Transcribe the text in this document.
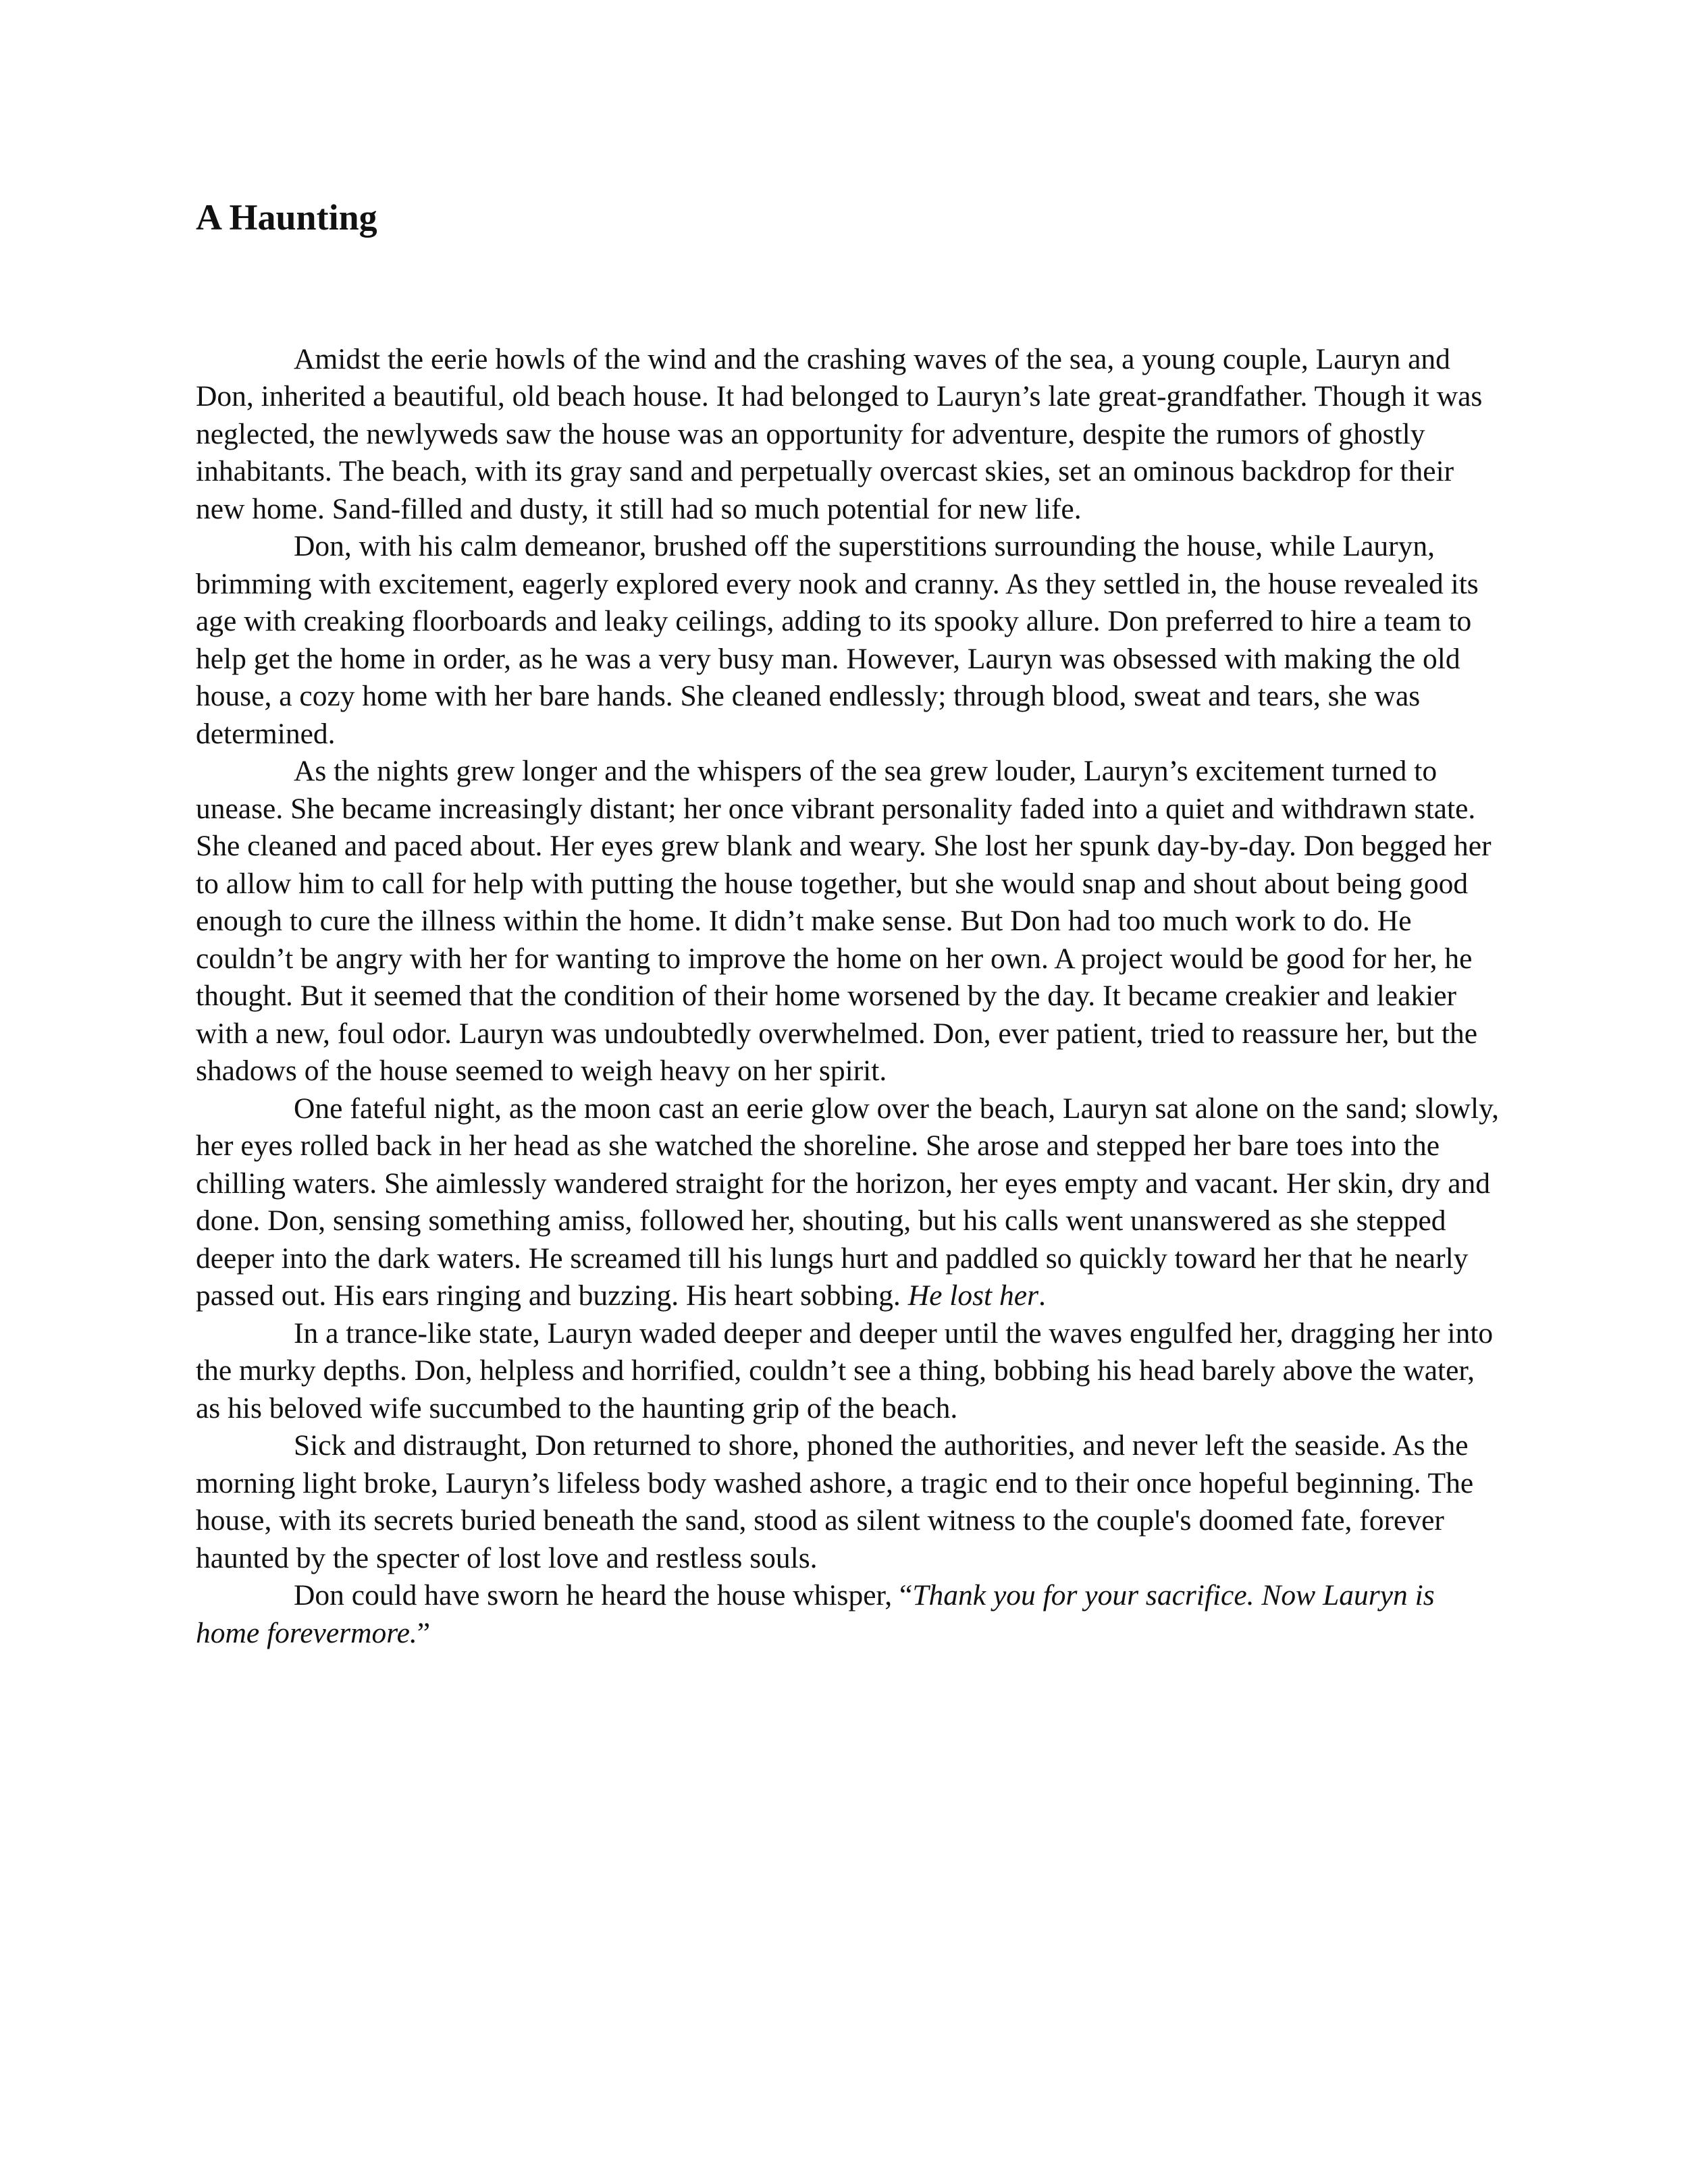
A Haunting

Amidst the eerie howls of the wind and the crashing waves of the sea, a young couple, Lauryn and Don, inherited a beautiful, old beach house. It had belonged to Lauryn’s late great-grandfather. Though it was neglected, the newlyweds saw the house was an opportunity for adventure, despite the rumors of ghostly inhabitants. The beach, with its gray sand and perpetually overcast skies, set an ominous backdrop for their new home. Sand-filled and dusty, it still had so much potential for new life.

Don, with his calm demeanor, brushed off the superstitions surrounding the house, while Lauryn, brimming with excitement, eagerly explored every nook and cranny. As they settled in, the house revealed its age with creaking floorboards and leaky ceilings, adding to its spooky allure. Don preferred to hire a team to help get the home in order, as he was a very busy man. However, Lauryn was obsessed with making the old house, a cozy home with her bare hands. She cleaned endlessly; through blood, sweat and tears, she was determined.

As the nights grew longer and the whispers of the sea grew louder, Lauryn’s excitement turned to unease. She became increasingly distant; her once vibrant personality faded into a quiet and withdrawn state. She cleaned and paced about. Her eyes grew blank and weary. She lost her spunk day-by-day. Don begged her to allow him to call for help with putting the house together, but she would snap and shout about being good enough to cure the illness within the home. It didn’t make sense. But Don had too much work to do. He couldn’t be angry with her for wanting to improve the home on her own. A project would be good for her, he thought. But it seemed that the condition of their home worsened by the day. It became creakier and leakier with a new, foul odor. Lauryn was undoubtedly overwhelmed. Don, ever patient, tried to reassure her, but the shadows of the house seemed to weigh heavy on her spirit.

One fateful night, as the moon cast an eerie glow over the beach, Lauryn sat alone on the sand; slowly, her eyes rolled back in her head as she watched the shoreline. She arose and stepped her bare toes into the chilling waters. She aimlessly wandered straight for the horizon, her eyes empty and vacant. Her skin, dry and done. Don, sensing something amiss, followed her, shouting, but his calls went unanswered as she stepped deeper into the dark waters. He screamed till his lungs hurt and paddled so quickly toward her that he nearly passed out. His ears ringing and buzzing. His heart sobbing. He lost her.

In a trance-like state, Lauryn waded deeper and deeper until the waves engulfed her, dragging her into the murky depths. Don, helpless and horrified, couldn’t see a thing, bobbing his head barely above the water, as his beloved wife succumbed to the haunting grip of the beach.

Sick and distraught, Don returned to shore, phoned the authorities, and never left the seaside. As the morning light broke, Lauryn’s lifeless body washed ashore, a tragic end to their once hopeful beginning. The house, with its secrets buried beneath the sand, stood as silent witness to the couple's doomed fate, forever haunted by the specter of lost love and restless souls.

Don could have sworn he heard the house whisper, “Thank you for your sacrifice. Now Lauryn is home forevermore.”
